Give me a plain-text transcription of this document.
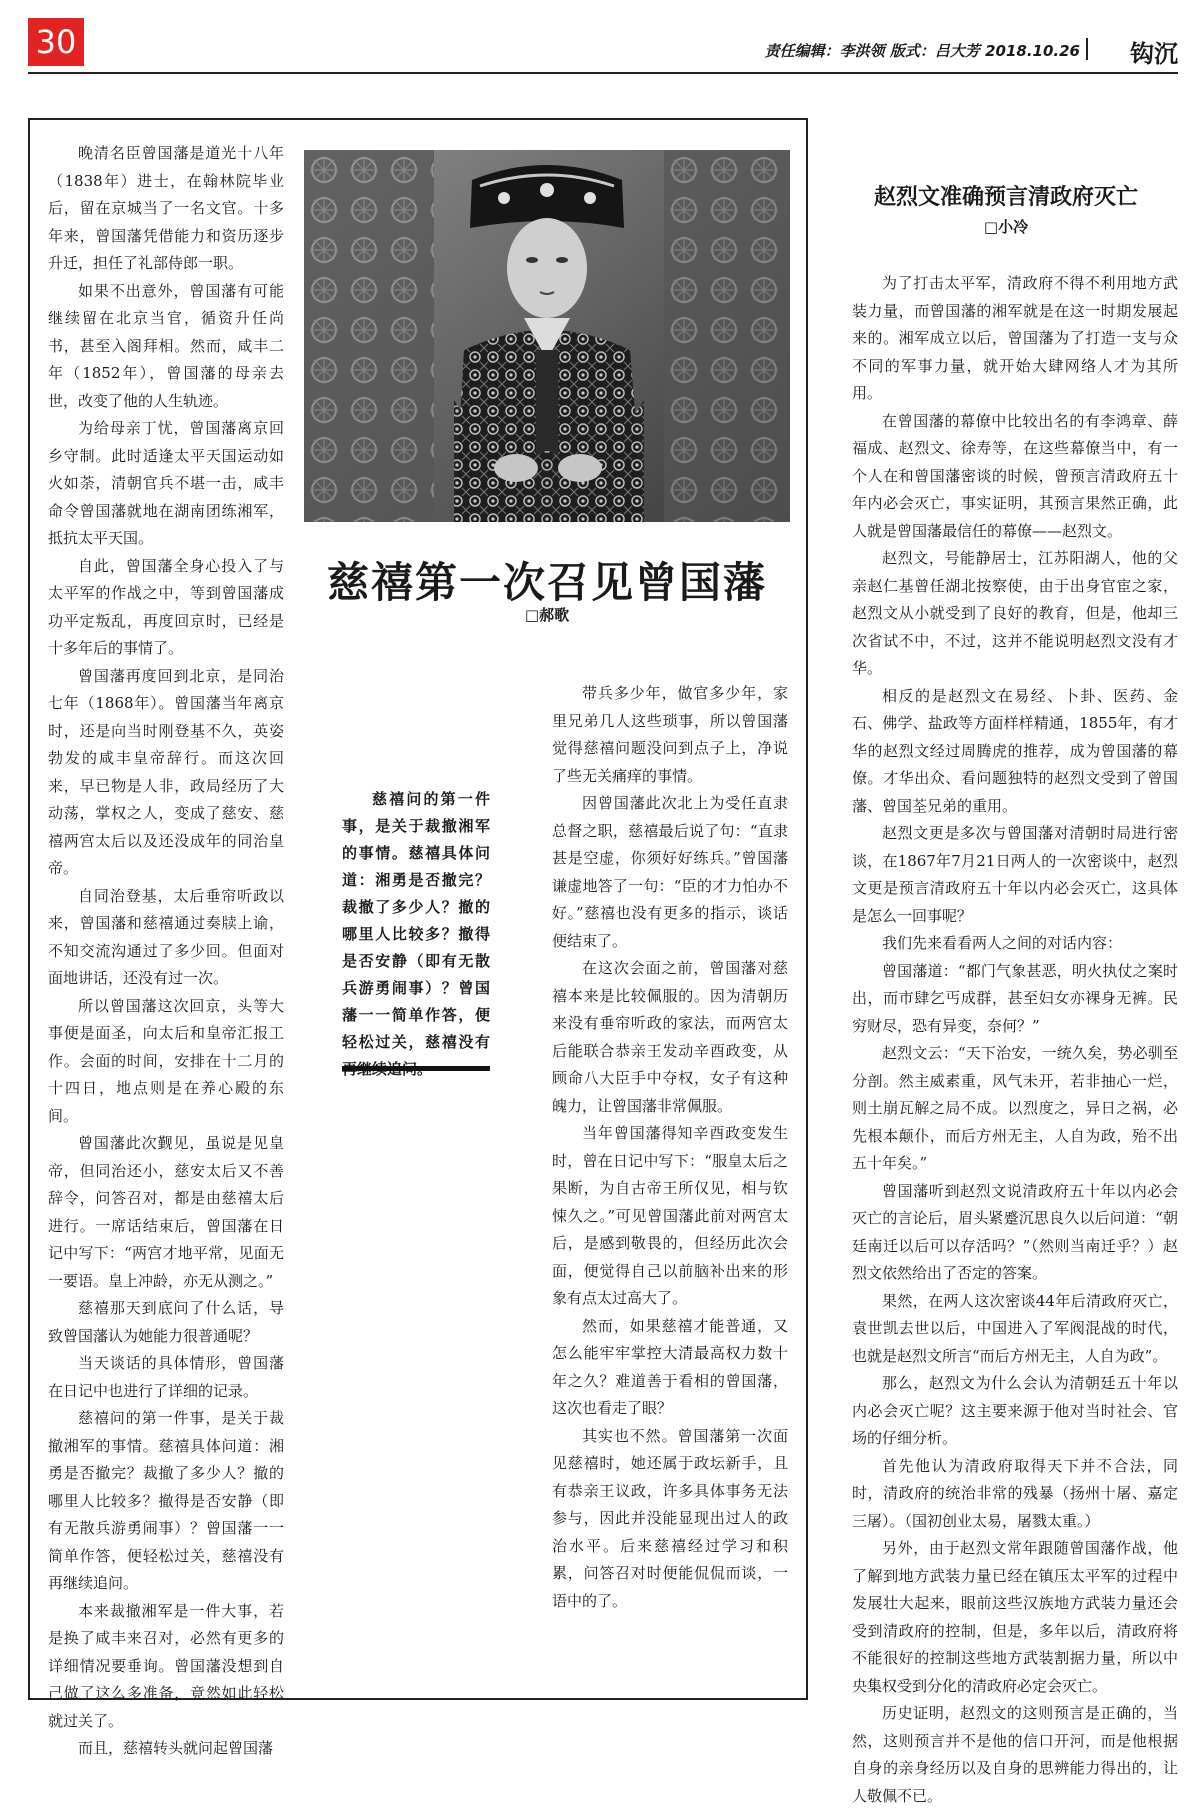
30	责任编辑：李洪领 版式：吕大芳 2018.10.26 钩沉

晚清名臣曾国藩是道光十八年（1838年）进士，在翰林院毕业后，留在京城当了一名文官。十多年来，曾国藩凭借能力和资历逐步升迁，担任了礼部侍郎一职。

如果不出意外，曾国藩有可能继续留在北京当官，循资升任尚书，甚至入阁拜相。然而，咸丰二年（1852年），曾国藩的母亲去世，改变了他的人生轨迹。

为给母亲丁忧，曾国藩离京回乡守制。此时适逢太平天国运动如火如荼，清朝官兵不堪一击，咸丰命令曾国藩就地在湖南团练湘军，抵抗太平天国。

自此，曾国藩全身心投入了与太平军的作战之中，等到曾国藩成功平定叛乱，再度回京时，已经是十多年后的事情了。

曾国藩再度回到北京，是同治七年（1868年）。曾国藩当年离京时，还是向当时刚登基不久，英姿勃发的咸丰皇帝辞行。而这次回来，早已物是人非，政局经历了大动荡，掌权之人，变成了慈安、慈禧两宫太后以及还没成年的同治皇帝。

自同治登基，太后垂帘听政以来，曾国藩和慈禧通过奏牍上谕，不知交流沟通过了多少回。但面对面地讲话，还没有过一次。

所以曾国藩这次回京，头等大事便是面圣，向太后和皇帝汇报工作。会面的时间，安排在十二月的十四日，地点则是在养心殿的东间。

曾国藩此次觐见，虽说是见皇帝，但同治还小，慈安太后又不善辞令，问答召对，都是由慈禧太后进行。一席话结束后，曾国藩在日记中写下：“两宫才地平常，见面无一要语。皇上冲龄，亦无从测之。”

慈禧那天到底问了什么话，导致曾国藩认为她能力很普通呢？

当天谈话的具体情形，曾国藩在日记中也进行了详细的记录。

慈禧问的第一件事，是关于裁撤湘军的事情。慈禧具体问道：湘勇是否撤完？裁撤了多少人？撤的哪里人比较多？撤得是否安静（即有无散兵游勇闹事）？曾国藩一一简单作答，便轻松过关，慈禧没有再继续追问。

本来裁撤湘军是一件大事，若是换了咸丰来召对，必然有更多的详细情况要垂询。曾国藩没想到自己做了这么多准备，竟然如此轻松就过关了。

而且，慈禧转头就问起曾国藩

慈禧第一次召见曾国藩
□郝歌

慈禧问的第一件事，是关于裁撤湘军的事情。慈禧具体问道：湘勇是否撤完？裁撤了多少人？撤的哪里人比较多？撤得是否安静（即有无散兵游勇闹事）？曾国藩一一简单作答，便轻松过关，慈禧没有

带兵多少年，做官多少年，家里兄弟几人这些琐事，所以曾国藩觉得慈禧问题没问到点子上，净说了些无关痛痒的事情。

因曾国藩此次北上为受任直隶总督之职，慈禧最后说了句：“直隶甚是空虚，你须好好练兵。”曾国藩谦虚地答了一句：“臣的才力怕办不好。”慈禧也没有更多的指示，谈话便结束了。

在这次会面之前，曾国藩对慈禧本来是比较佩服的。因为清朝历来没有垂帘听政的家法，而两宫太后能联合恭亲王发动辛酉政变，从顾命八大臣手中夺权，女子有这种魄力，让曾国藩非常佩服。

当年曾国藩得知辛酉政变发生时，曾在日记中写下：“服皇太后之果断，为自古帝王所仅见，相与钦悚久之。”可见曾国藩此前对两宫太后，是感到敬畏的，但经历此次会面，便觉得自己以前脑补出来的形象有点太过高大了。

然而，如果慈禧才能普通，又怎么能牢牢掌控大清最高权力数十年之久？难道善于看相的曾国藩，这次也看走了眼？

其实也不然。曾国藩第一次面见慈禧时，她还属于政坛新手，且有恭亲王议政，许多具体事务无法参与，因此并没能显现出过人的政治水平。后来慈禧经过学习和积累，问答召对时便能侃侃而谈，一语中的了。

赵烈文准确预言清政府灭亡
□小冷

为了打击太平军，清政府不得不利用地方武装力量，而曾国藩的湘军就是在这一时期发展起来的。湘军成立以后，曾国藩为了打造一支与众不同的军事力量，就开始大肆网络人才为其所用。

在曾国藩的幕僚中比较出名的有李鸿章、薛福成、赵烈文、徐寿等，在这些幕僚当中，有一个人在和曾国藩密谈的时候，曾预言清政府五十年内必会灭亡，事实证明，其预言果然正确，此人就是曾国藩最信任的幕僚——赵烈文。

赵烈文，号能静居士，江苏阳湖人，他的父亲赵仁基曾任湖北按察使，由于出身官宦之家，赵烈文从小就受到了良好的教育，但是，他却三次省试不中，不过，这并不能说明赵烈文没有才华。

相反的是赵烈文在易经、卜卦、医药、金石、佛学、盐政等方面样样精通，1855年，有才华的赵烈文经过周腾虎的推荐，成为曾国藩的幕僚。才华出众、看问题独特的赵烈文受到了曾国藩、曾国荃兄弟的重用。

赵烈文更是多次与曾国藩对清朝时局进行密谈，在1867年7月21日两人的一次密谈中，赵烈文更是预言清政府五十年以内必会灭亡，这具体是怎么一回事呢？

我们先来看看两人之间的对话内容：

曾国藩道：“都门气象甚恶，明火执仗之案时出，而市肆乞丐成群，甚至妇女亦裸身无裤。民穷财尽，恐有异变，奈何？”

赵烈文云：“天下治安，一统久矣，势必驯至分剖。然主威素重，风气未开，若非抽心一烂，则土崩瓦解之局不成。以烈度之，异日之祸，必先根本颠仆，而后方州无主，人自为政，殆不出五十年矣。”

曾国藩听到赵烈文说清政府五十年以内必会灭亡的言论后，眉头紧蹙沉思良久以后问道：“朝廷南迁以后可以存活吗？”（然则当南迁乎？）赵烈文依然给出了否定的答案。

果然，在两人这次密谈44年后清政府灭亡，袁世凯去世以后，中国进入了军阀混战的时代，也就是赵烈文所言“而后方州无主，人自为政”。

那么，赵烈文为什么会认为清朝廷五十年以内必会灭亡呢？这主要来源于他对当时社会、官场的仔细分析。

首先他认为清政府取得天下并不合法，同时，清政府的统治非常的残暴（扬州十屠、嘉定三屠）。（国初创业太易，屠戮太重。）

另外，由于赵烈文常年跟随曾国藩作战，他了解到地方武装力量已经在镇压太平军的过程中发展壮大起来，眼前这些汉族地方武装力量还会受到清政府的控制，但是，多年以后，清政府将不能很好的控制这些地方武装割据力量，所以中央集权受到分化的清政府必定会灭亡。

历史证明，赵烈文的这则预言是正确的，当然，这则预言并不是他的信口开河，而是他根据自身的亲身经历以及自身的思辨能力得出的，让人敬佩不已。
